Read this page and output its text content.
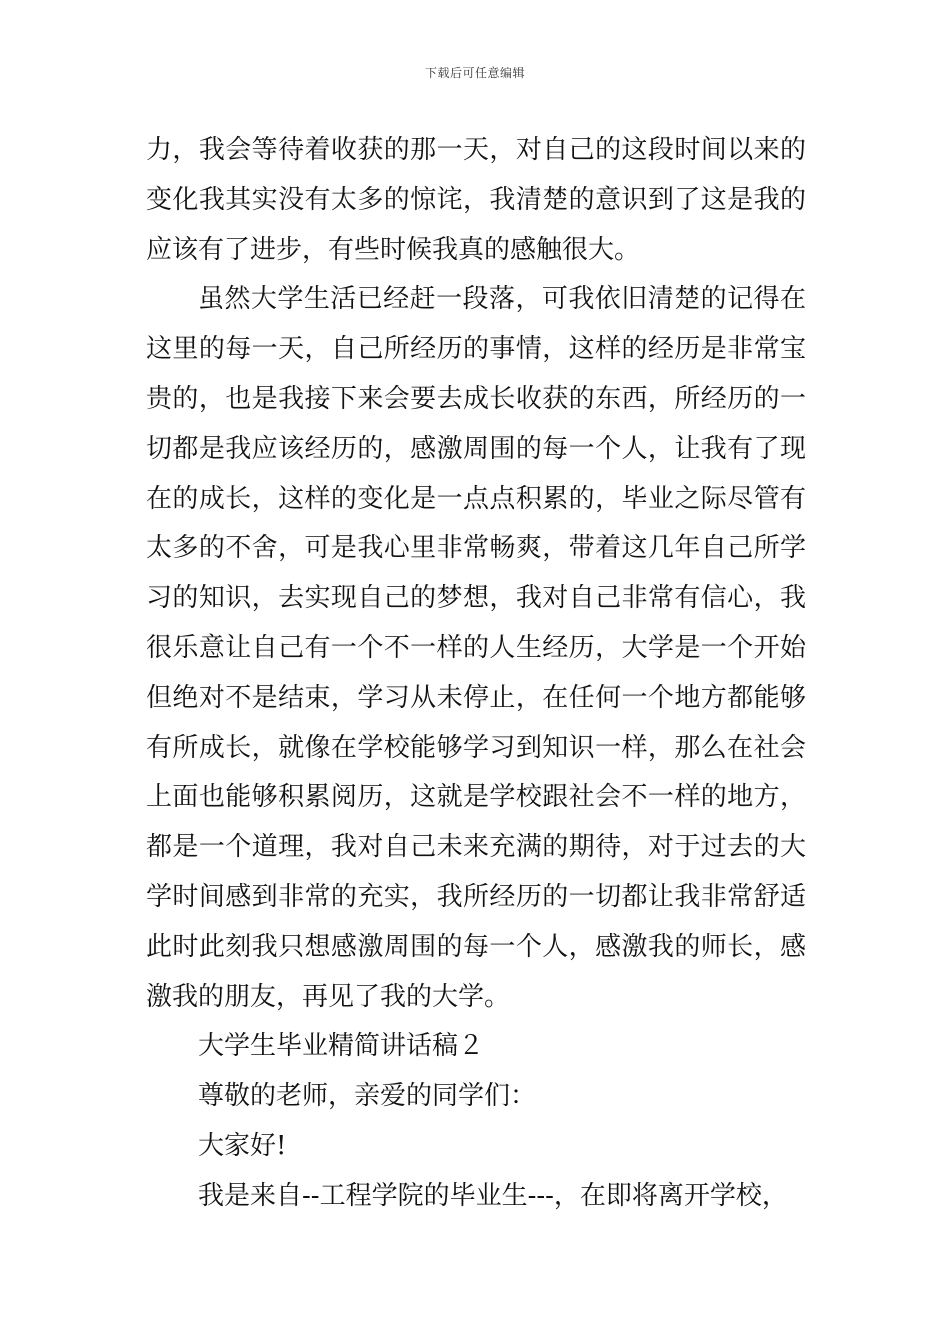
下载后可任意编辑

力，我会等待着收获的那一天，对自己的这段时间以来的变化我其实没有太多的惊诧，我清楚的意识到了这是我的应该有了进步，有些时候我真的感触很大。

虽然大学生活已经赶一段落，可我依旧清楚的记得在这里的每一天，自己所经历的事情，这样的经历是非常宝贵的，也是我接下来会要去成长收获的东西，所经历的一切都是我应该经历的，感激周围的每一个人，让我有了现在的成长，这样的变化是一点点积累的，毕业之际尽管有太多的不舍，可是我心里非常畅爽，带着这几年自己所学习的知识，去实现自己的梦想，我对自己非常有信心，我很乐意让自己有一个不一样的人生经历，大学是一个开始但绝对不是结束，学习从未停止，在任何一个地方都能够有所成长，就像在学校能够学习到知识一样，那么在社会上面也能够积累阅历，这就是学校跟社会不一样的地方，都是一个道理，我对自己未来充满的期待，对于过去的大学时间感到非常的充实，我所经历的一切都让我非常舒适此时此刻我只想感激周围的每一个人，感激我的师长，感激我的朋友，再见了我的大学。

大学生毕业精简讲话稿２

尊敬的老师，亲爱的同学们：

大家好!

我是来自--工程学院的毕业生---，在即将离开学校，
